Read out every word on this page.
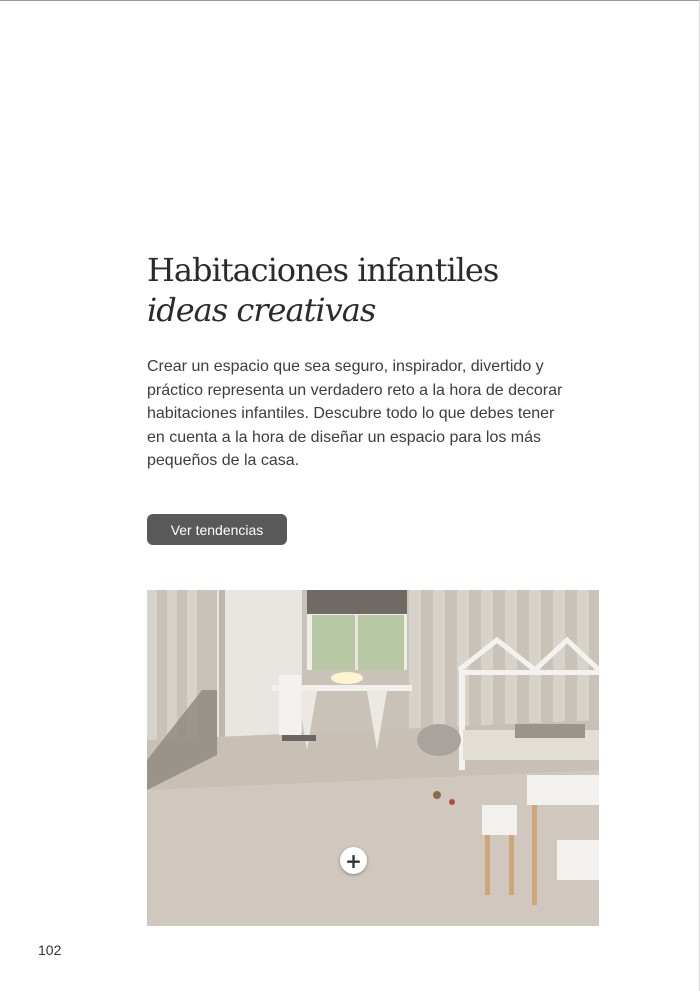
Habitaciones infantiles

ideas creativas

Crear un espacio que sea seguro, inspirador, divertido y práctico representa un verdadero reto a la hora de decorar habitaciones infantiles. Descubre todo lo que debes tener en cuenta a la hora de diseñar un espacio para los más pequeños de la casa.

Ver tendencias
+
102
